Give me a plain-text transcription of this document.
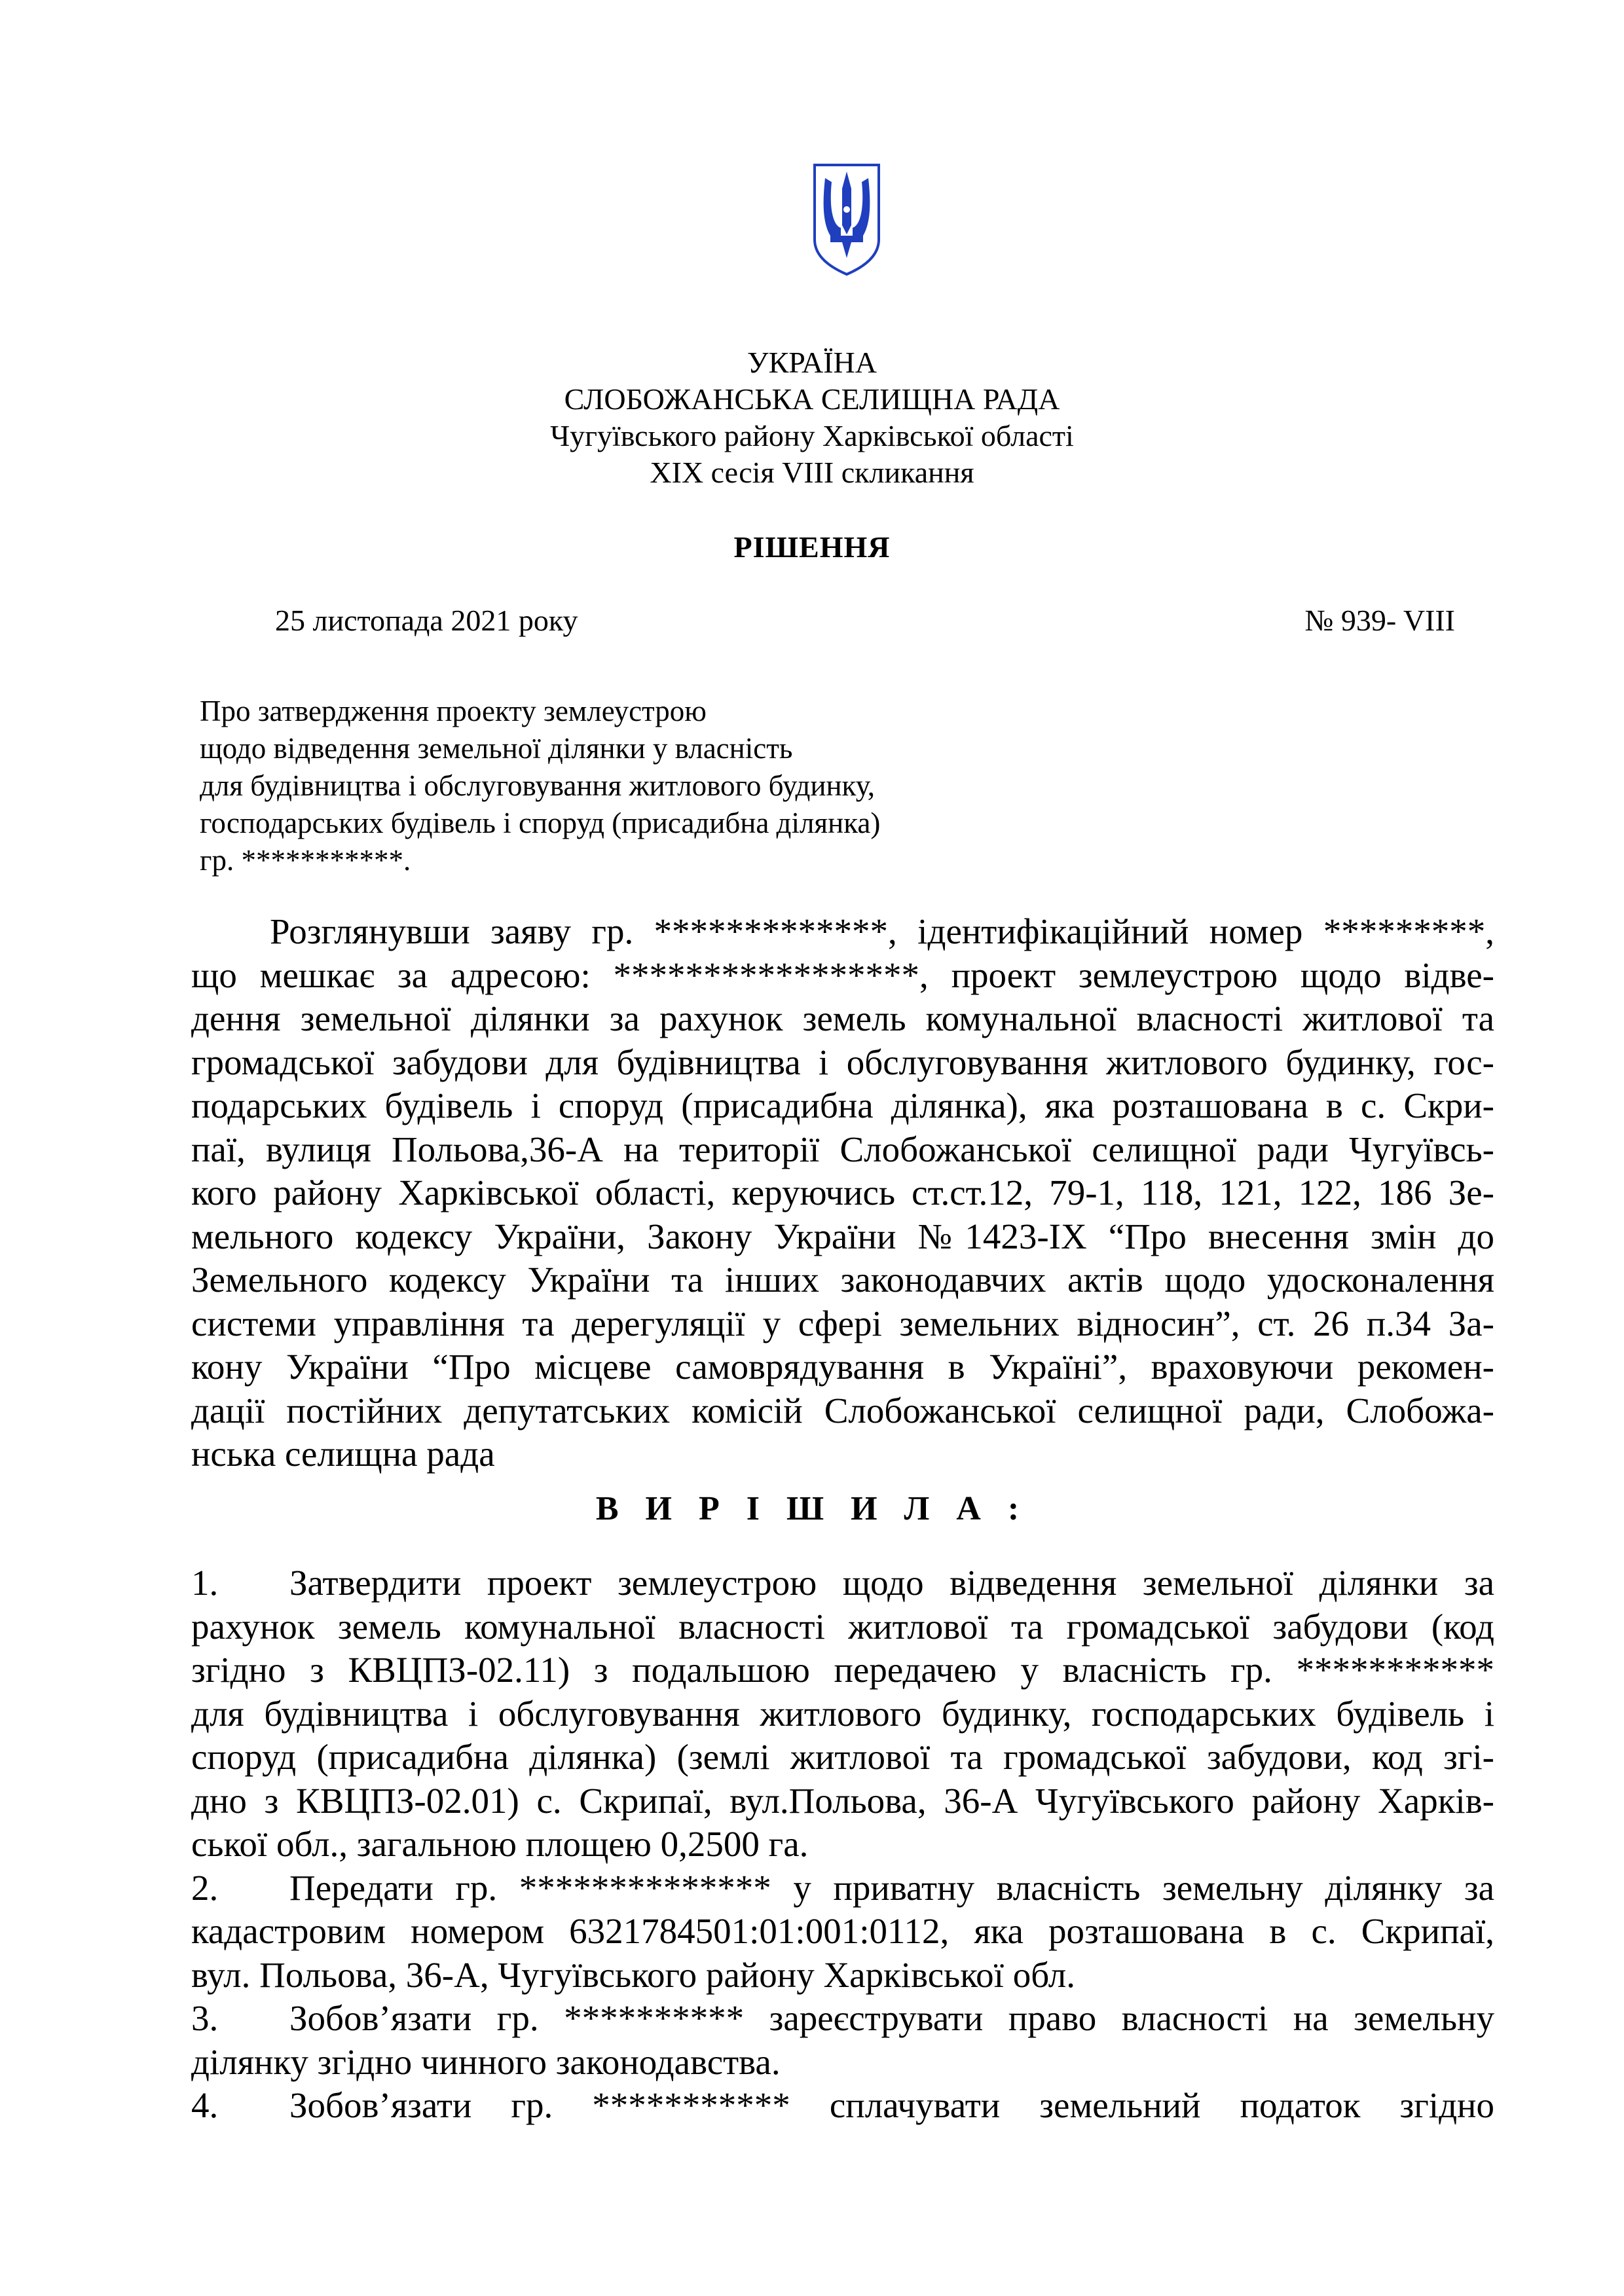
УКРАЇНА
СЛОБОЖАНСЬКА СЕЛИЩНА РАДА
Чугуївського району Харківської області
XIX сесія VIII скликання
РІШЕННЯ
25 листопада 2021 року	№ 939- VIII
Про затвердження проекту землеустрою
щодо відведення земельної ділянки у власність
для будівництва і обслуговування житлового будинку,
господарських будівель і споруд (присадибна ділянка)
гр. ***********.
Розглянувши заяву гр. *************, ідентифікаційний номер *********,
що мешкає за адресою: *****************, проект землеустрою щодо відве-
дення земельної ділянки за рахунок земель комунальної власності житлової та
громадської забудови для будівництва і обслуговування житлового будинку, гос-
подарських будівель і споруд (присадибна ділянка), яка розташована в с. Скри-
паї, вулиця Польова,36-А на території Слобожанської селищної ради Чугуївсь-
кого району Харківської області, керуючись ст.ст.12, 79-1, 118, 121, 122, 186 Зе-
мельного кодексу України, Закону України №1423-IX “Про внесення змін до
Земельного кодексу України та інших законодавчих актів щодо удосконалення
системи управління та дерегуляції у сфері земельних відносин”, ст. 26 п.34 За-
кону України “Про місцеве самоврядування в Україні”, враховуючи рекомен-
дації постійних депутатських комісій Слобожанської селищної ради, Слобожа-
нська селищна рада
В И Р І Ш И Л А :
1. Затвердити проект землеустрою щодо відведення земельної ділянки за
рахунок земель комунальної власності житлової та громадської забудови (код
згідно з КВЦПЗ-02.11) з подальшою передачею у власність гр. ***********
для будівництва і обслуговування житлового будинку, господарських будівель і
споруд (присадибна ділянка) (землі житлової та громадської забудови, код згі-
дно з КВЦПЗ-02.01) с. Скрипаї, вул.Польова, 36-А Чугуївського району Харків-
ської обл., загальною площею 0,2500 га.
2. Передати гр. ************** у приватну власність земельну ділянку за
кадастровим номером 6321784501:01:001:0112, яка розташована в с. Скрипаї,
вул. Польова, 36-А, Чугуївського району Харківської обл.
3. Зобов’язати гр. ********** зареєструвати право власності на земельну
ділянку згідно чинного законодавства.
4. Зобов’язати гр. *********** сплачувати земельний податок згідно
